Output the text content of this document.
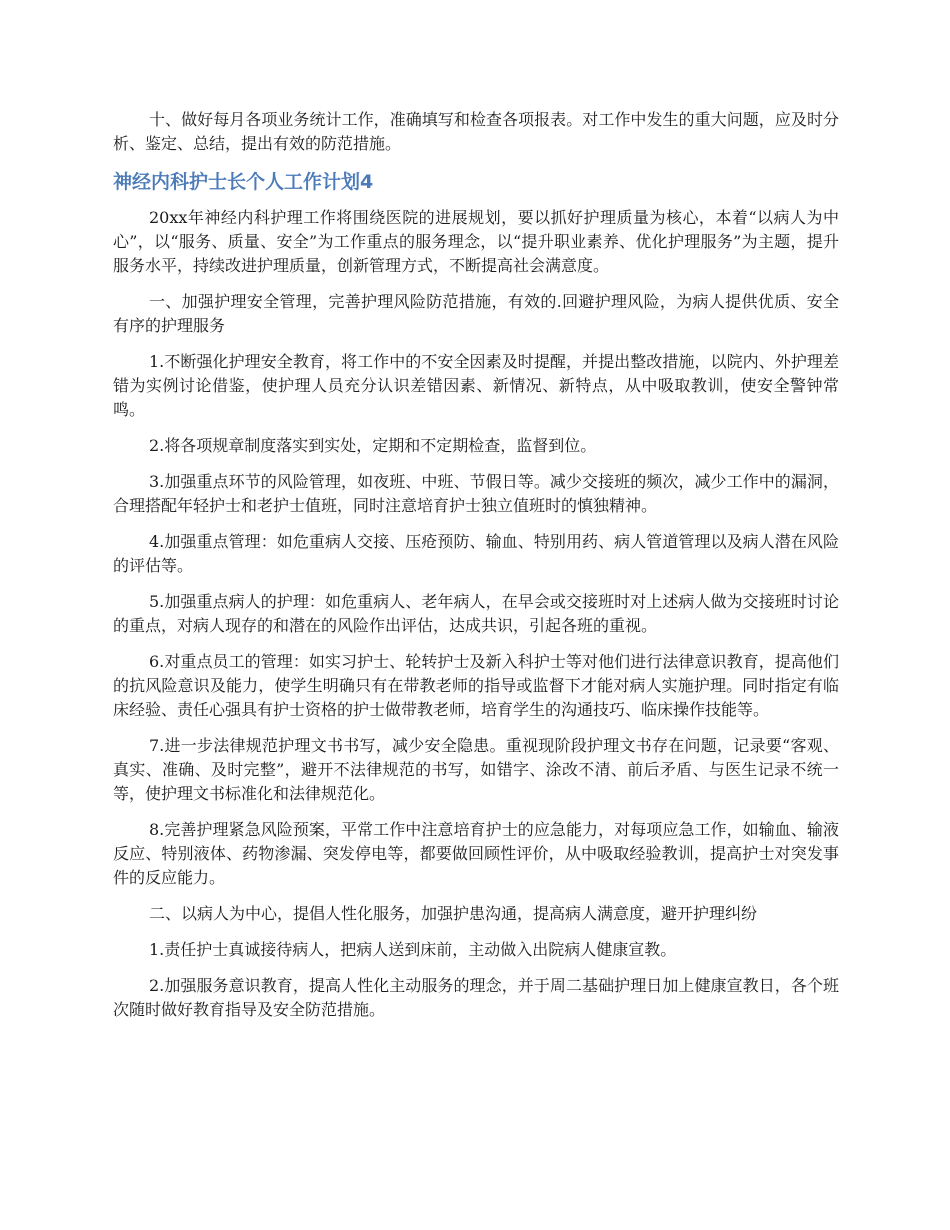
十、做好每月各项业务统计工作，准确填写和检查各项报表。对工作中发生的重大问题，应及时分析、鉴定、总结，提出有效的防范措施。

神经内科护士长个人工作计划4

20xx年神经内科护理工作将围绕医院的进展规划，要以抓好护理质量为核心，本着“以病人为中心”，以“服务、质量、安全”为工作重点的服务理念，以“提升职业素养、优化护理服务”为主题，提升服务水平，持续改进护理质量，创新管理方式，不断提高社会满意度。

一、加强护理安全管理，完善护理风险防范措施，有效的.回避护理风险，为病人提供优质、安全有序的护理服务

1.不断强化护理安全教育，将工作中的不安全因素及时提醒，并提出整改措施，以院内、外护理差错为实例讨论借鉴，使护理人员充分认识差错因素、新情况、新特点，从中吸取教训，使安全警钟常鸣。

2.将各项规章制度落实到实处，定期和不定期检查，监督到位。

3.加强重点环节的风险管理，如夜班、中班、节假日等。减少交接班的频次，减少工作中的漏洞，合理搭配年轻护士和老护士值班，同时注意培育护士独立值班时的慎独精神。

4.加强重点管理：如危重病人交接、压疮预防、输血、特别用药、病人管道管理以及病人潜在风险的评估等。

5.加强重点病人的护理：如危重病人、老年病人，在早会或交接班时对上述病人做为交接班时讨论的重点，对病人现存的和潜在的风险作出评估，达成共识，引起各班的重视。

6.对重点员工的管理：如实习护士、轮转护士及新入科护士等对他们进行法律意识教育，提高他们的抗风险意识及能力，使学生明确只有在带教老师的指导或监督下才能对病人实施护理。同时指定有临床经验、责任心强具有护士资格的护士做带教老师，培育学生的沟通技巧、临床操作技能等。

7.进一步法律规范护理文书书写，减少安全隐患。重视现阶段护理文书存在问题，记录要“客观、真实、准确、及时完整”，避开不法律规范的书写，如错字、涂改不清、前后矛盾、与医生记录不统一等，使护理文书标准化和法律规范化。

8.完善护理紧急风险预案，平常工作中注意培育护士的应急能力，对每项应急工作，如输血、输液反应、特别液体、药物渗漏、突发停电等，都要做回顾性评价，从中吸取经验教训，提高护士对突发事件的反应能力。

二、以病人为中心，提倡人性化服务，加强护患沟通，提高病人满意度，避开护理纠纷

1.责任护士真诚接待病人，把病人送到床前，主动做入出院病人健康宣教。

2.加强服务意识教育，提高人性化主动服务的理念，并于周二基础护理日加上健康宣教日，各个班次随时做好教育指导及安全防范措施。
